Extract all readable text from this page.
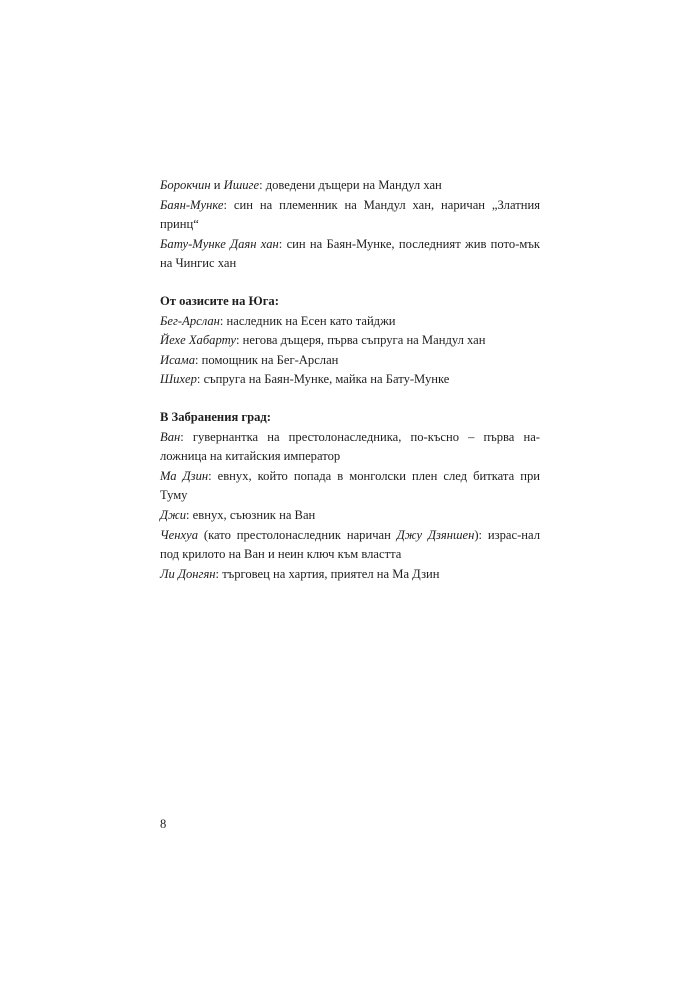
Борокчин и Ишиге: доведени дъщери на Мандул хан

Баян-Мунке: син на племенник на Мандул хан, наричан „Златния принц“

Бату-Мунке Даян хан: син на Баян-Мунке, последният жив пото-мък на Чингис хан

От оазисите на Юга:

Бег-Арслан: наследник на Есен като тайджи

Йехе Хабарту: негова дъщеря, първа съпруга на Мандул хан

Исама: помощник на Бег-Арслан

Шихер: съпруга на Баян-Мунке, майка на Бату-Мунке

В Забранения град:

Ван: гувернантка на престолонаследника, по-късно – първа на-ложница на китайския император

Ма Дзин: евнух, който попада в монголски плен след битката при Туму

Джи: евнух, съюзник на Ван

Ченхуа (като престолонаследник наричан Джу Дзяншен): израс-нал под крилото на Ван и неин ключ към властта

Ли Донгян: търговец на хартия, приятел на Ма Дзин

8
